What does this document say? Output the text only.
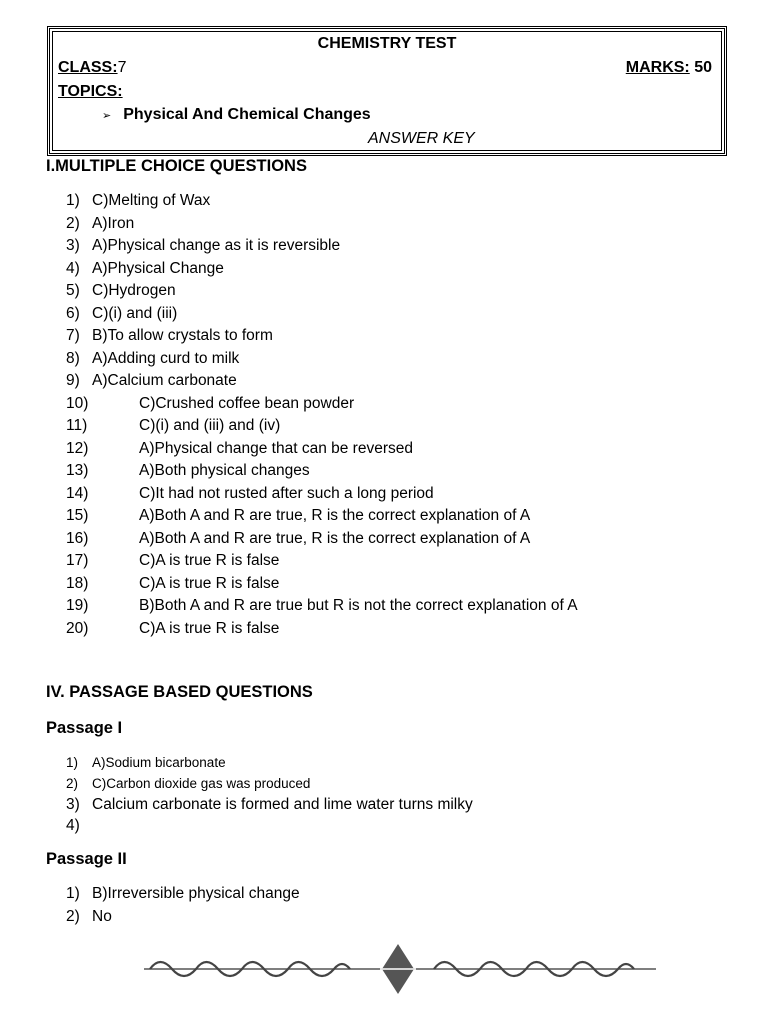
CHEMISTRY TEST
CLASS:7	MARKS: 50
TOPICS:
➢ Physical And Chemical Changes
ANSWER KEY
I.MULTIPLE CHOICE QUESTIONS
1) C)Melting of Wax
2) A)Iron
3) A)Physical change as it is reversible
4) A)Physical Change
5) C)Hydrogen
6) C)(i) and (iii)
7) B)To allow crystals to form
8) A)Adding curd to milk
9) A)Calcium carbonate
10)	C)Crushed coffee bean powder
11)	C)(i) and (iii) and (iv)
12)	A)Physical change that can be reversed
13)	A)Both physical changes
14)	C)It had not rusted after such a long period
15)	A)Both A and R are true, R is the correct explanation of A
16)	A)Both A and R are true, R is the correct explanation of A
17)	C)A is true R is false
18)	C)A is true R is false
19)	B)Both A and R are true but R is not the correct explanation of A
20)	C)A is true R is false
IV. PASSAGE BASED QUESTIONS
Passage I
1) A)Sodium bicarbonate
2) C)Carbon dioxide gas was produced
3) Calcium carbonate is formed and lime water turns milky
4)
Passage II
1) B)Irreversible physical change
2) No
